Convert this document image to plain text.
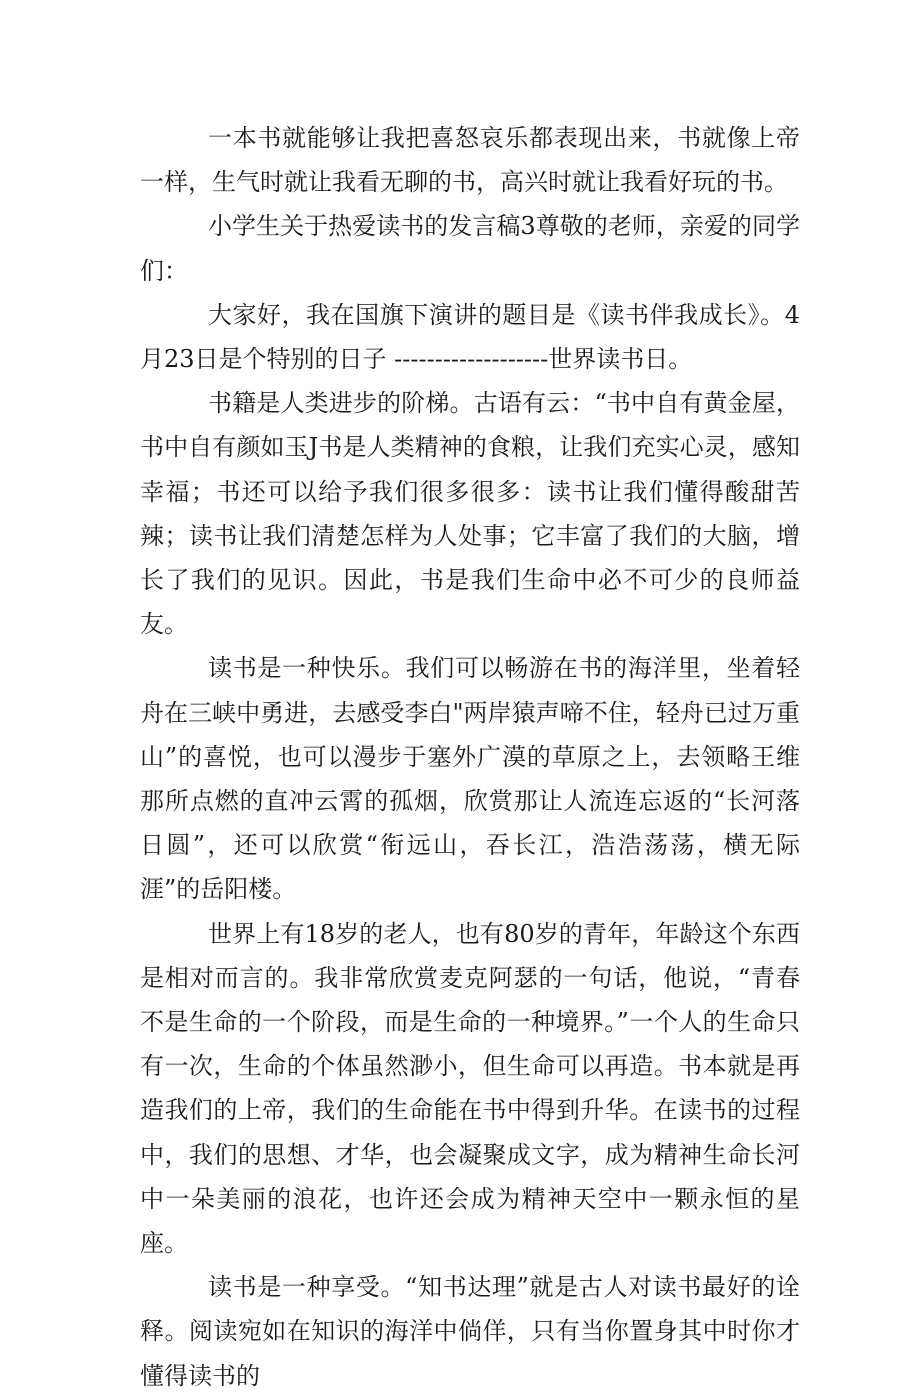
一本书就能够让我把喜怒哀乐都表现出来，书就像上帝一样，生气时就让我看无聊的书，高兴时就让我看好玩的书。

小学生关于热爱读书的发言稿3尊敬的老师，亲爱的同学们：

大家好，我在国旗下演讲的题目是《读书伴我成长》。4月23日是个特别的日子 -------------------世界读书日。

书籍是人类进步的阶梯。古语有云：“书中自有黄金屋，书中自有颜如玉J书是人类精神的食粮，让我们充实心灵，感知幸福；书还可以给予我们很多很多：读书让我们懂得酸甜苦辣；读书让我们清楚怎样为人处事；它丰富了我们的大脑，增长了我们的见识。因此，书是我们生命中必不可少的良师益友。

读书是一种快乐。我们可以畅游在书的海洋里，坐着轻舟在三峡中勇进，去感受李白"两岸猿声啼不住，轻舟已过万重山”的喜悦，也可以漫步于塞外广漠的草原之上，去领略王维那所点燃的直冲云霄的孤烟，欣赏那让人流连忘返的“长河落日圆”，还可以欣赏“衔远山，吞长江，浩浩荡荡，横无际涯”的岳阳楼。

世界上有18岁的老人，也有80岁的青年，年龄这个东西是相对而言的。我非常欣赏麦克阿瑟的一句话，他说，“青春不是生命的一个阶段，而是生命的一种境界。”一个人的生命只有一次，生命的个体虽然渺小，但生命可以再造。书本就是再造我们的上帝，我们的生命能在书中得到升华。在读书的过程中，我们的思想、才华，也会凝聚成文字，成为精神生命长河中一朵美丽的浪花，也许还会成为精神天空中一颗永恒的星座。

读书是一种享受。“知书达理”就是古人对读书最好的诠释。阅读宛如在知识的海洋中倘佯，只有当你置身其中时你才懂得读书的
